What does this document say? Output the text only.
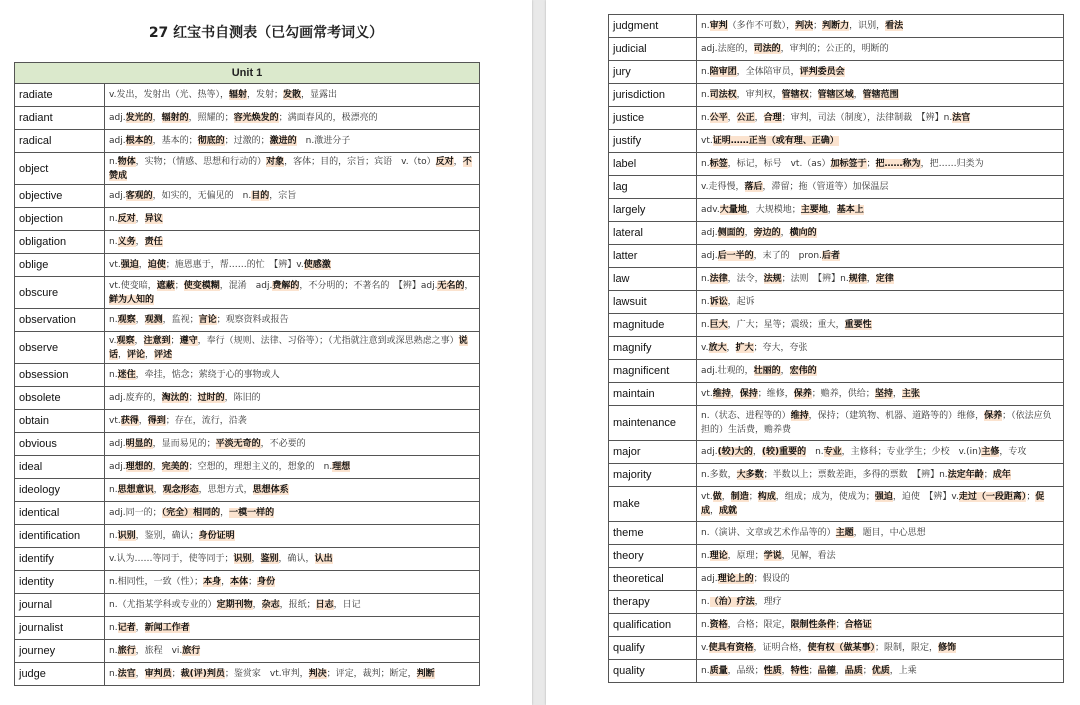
27 红宝书自测表（已勾画常考词义）
Unit 1	
radiate	v.发出，发射出（光、热等），辐射，发射；发散，显露出
radiant	adj.发光的，辐射的，照耀的；容光焕发的；满面春风的，极漂亮的
radical	adj.根本的，基本的；彻底的；过激的；激进的　n.激进分子
object	n.物体，实物；（情感、思想和行动的）对象，客体；目的，宗旨；宾语　v.（to）反对，不赞成
objective	adj.客观的，如实的，无偏见的　n.目的，宗旨
objection	n.反对，异议
obligation	n.义务，责任
oblige	vt.强迫，迫使；施恩惠于，帮……的忙　【辨】v.使感激
obscure	vt.使变暗，遮蔽；使变模糊，混淆　adj.费解的，不分明的；不著名的　【辨】adj.无名的，鲜为人知的
observation	n.观察，观测，监视；言论；观察资料或报告
observe	v.观察，注意到；遵守，奉行（规则、法律、习俗等）；（尤指就注意到或深思熟虑之事）说话，评论，评述
obsession	n.迷住，牵挂，惦念；萦绕于心的事物或人
obsolete	adj.废弃的，淘汰的；过时的，陈旧的
obtain	vt.获得，得到；存在，流行，沿袭
obvious	adj.明显的，显而易见的；平淡无奇的，不必要的
ideal	adj.理想的，完美的；空想的，理想主义的，想象的　n.理想
ideology	n.思想意识，观念形态，思想方式，思想体系
identical	adj.同一的；（完全）相同的，一模一样的
identification	n.识别，鉴别，确认；身份证明
identify	v.认为……等同于，使等同于；识别，鉴别，确认，认出
identity	n.相同性，一致（性）；本身，本体；身份
journal	n.（尤指某学科或专业的）定期刊物，杂志，报纸；日志，日记
journalist	n.记者，新闻工作者
journey	n.旅行，旅程　vi.旅行
judge	n.法官，审判员；裁(评)判员；鉴赏家　vt.审判，判决；评定，裁判；断定，判断
judgment	n.审判（多作不可数），判决；判断力，识别，看法
judicial	adj.法庭的，司法的，审判的；公正的，明断的
jury	n.陪审团，全体陪审员，评判委员会
jurisdiction	n.司法权，审判权，管辖权；管辖区域，管辖范围
justice	n.公平，公正，合理；审判，司法（制度），法律制裁　【辨】n.法官
justify	vt.证明……正当（或有理、正确）
label	n.标签，标记，标号　vt.（as）加标签于；把……称为，把……归类为
lag	v.走得慢，落后，滞留；拖（管道等）加保温层
largely	adv.大量地，大规模地；主要地，基本上
lateral	adj.侧面的，旁边的，横向的
latter	adj.后一半的，末了的　pron.后者
law	n.法律，法令，法规；法则　【辨】n.规律，定律
lawsuit	n.诉讼，起诉
magnitude	n.巨大，广大；星等；震级；重大，重要性
magnify	v.放大，扩大；夸大，夸张
magnificent	adj.壮观的，壮丽的，宏伟的
maintain	vt.维持，保持；维修，保养；赡养，供给；坚持，主张
maintenance	n.（状态、进程等的）维持，保持；（建筑物、机器、道路等的）维修，保养；（依法应负担的）生活费，赡养费
major	adj.(较)大的，(较)重要的　n.专业，主修科；专业学生；少校　v.(in)主修，专攻
majority	n.多数，大多数；半数以上；票数差距，多得的票数　【辨】n.法定年龄；成年
make	vt.做，制造；构成，组成；成为，使成为；强迫，迫使　【辨】v.走过（一段距离）；促成，成就
theme	n.（演讲、文章或艺术作品等的）主题，题目，中心思想
theory	n.理论，原理；学说，见解，看法
theoretical	adj.理论上的；假设的
therapy	n.（治）疗法，理疗
qualification	n.资格，合格；限定，限制性条件；合格证
qualify	v.使具有资格，证明合格，使有权（做某事）；限制，限定，修饰
quality	n.质量，品级；性质，特性；品德，品质；优质，上乘
